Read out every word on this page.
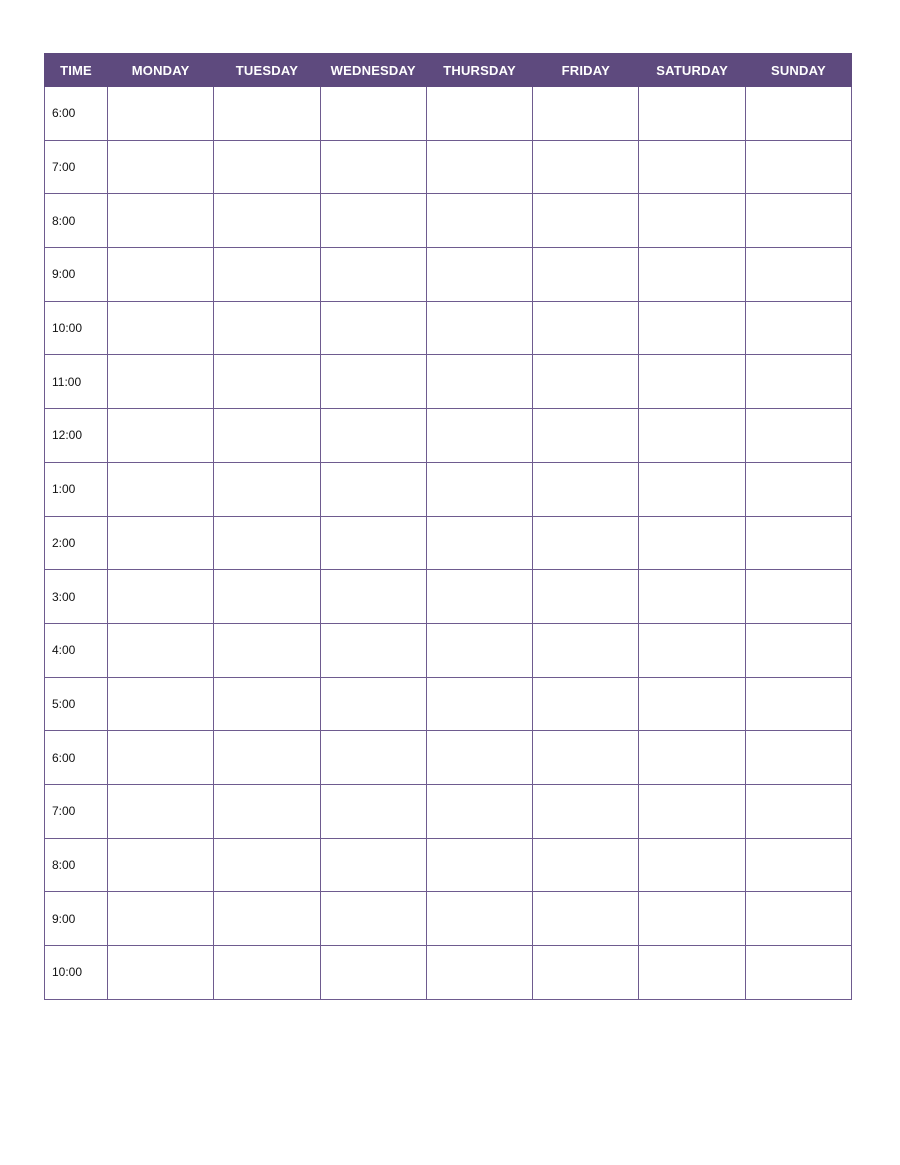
TIME	MONDAY	TUESDAY	WEDNESDAY	THURSDAY	FRIDAY	SATURDAY	SUNDAY
6:00							
7:00							
8:00							
9:00							
10:00							
11:00							
12:00							
1:00							
2:00							
3:00							
4:00							
5:00							
6:00							
7:00							
8:00							
9:00							
10:00							
